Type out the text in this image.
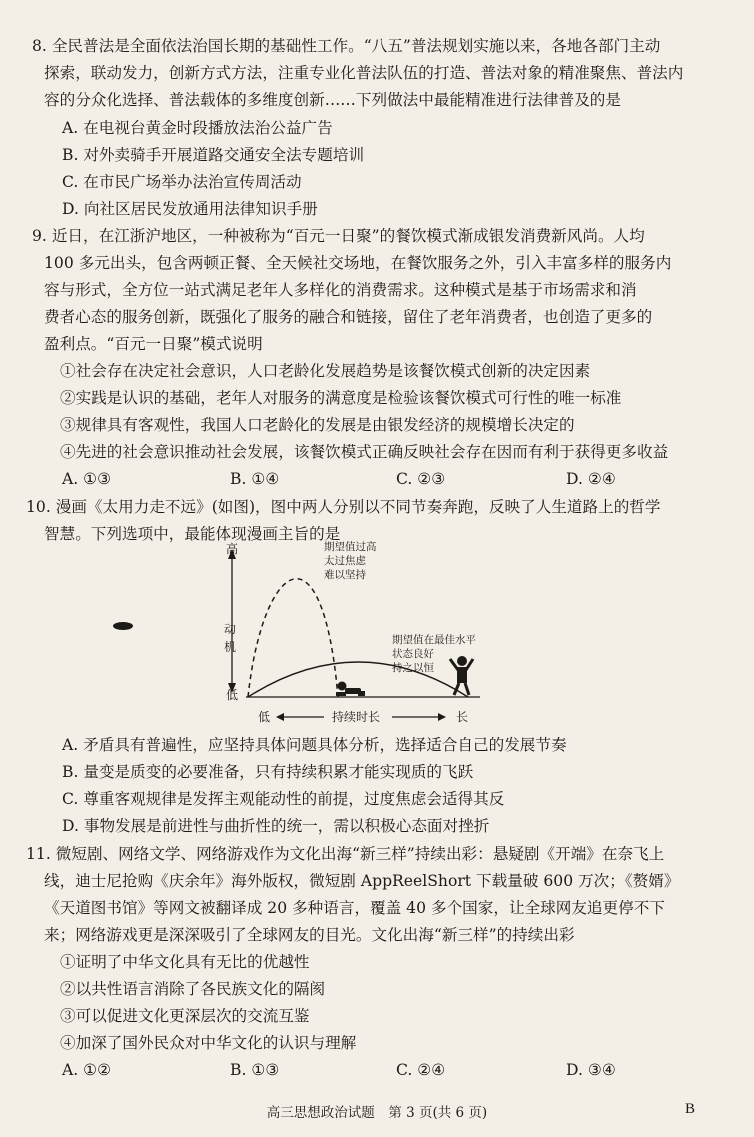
8. 全民普法是全面依法治国长期的基础性工作。“八五”普法规划实施以来，各地各部门主动
探索，联动发力，创新方式方法，注重专业化普法队伍的打造、普法对象的精准聚焦、普法内
容的分众化选择、普法载体的多维度创新……下列做法中最能精准进行法律普及的是
A. 在电视台黄金时段播放法治公益广告
B. 对外卖骑手开展道路交通安全法专题培训
C. 在市民广场举办法治宣传周活动
D. 向社区居民发放通用法律知识手册
9. 近日，在江浙沪地区，一种被称为“百元一日聚”的餐饮模式渐成银发消费新风尚。人均
100 多元出头，包含两顿正餐、全天候社交场地，在餐饮服务之外，引入丰富多样的服务内
容与形式，全方位一站式满足老年人多样化的消费需求。这种模式是基于市场需求和消
费者心态的服务创新，既强化了服务的融合和链接，留住了老年消费者，也创造了更多的
盈利点。“百元一日聚”模式说明
①社会存在决定社会意识，人口老龄化发展趋势是该餐饮模式创新的决定因素
②实践是认识的基础，老年人对服务的满意度是检验该餐饮模式可行性的唯一标准
③规律具有客观性，我国人口老龄化的发展是由银发经济的规模增长决定的
④先进的社会意识推动社会发展，该餐饮模式正确反映社会存在因而有利于获得更多收益
A. ①③	B. ①④	C. ②③	D. ②④
10. 漫画《太用力走不远》(如图)，图中两人分别以不同节奏奔跑，反映了人生道路上的哲学
智慧。下列选项中，最能体现漫画主旨的是
高
动
机
低
期望值过高
太过焦虑
难以坚持
期望值在最佳水平
状态良好
持之以恒
低	持续时长	长
A. 矛盾具有普遍性，应坚持具体问题具体分析，选择适合自己的发展节奏
B. 量变是质变的必要准备，只有持续积累才能实现质的飞跃
C. 尊重客观规律是发挥主观能动性的前提，过度焦虑会适得其反
D. 事物发展是前进性与曲折性的统一，需以积极心态面对挫折
11. 微短剧、网络文学、网络游戏作为文化出海“新三样”持续出彩：悬疑剧《开端》在奈飞上
线，迪士尼抢购《庆余年》海外版权，微短剧 AppReelShort 下载量破 600 万次；《赘婿》
《天道图书馆》等网文被翻译成 20 多种语言，覆盖 40 多个国家，让全球网友追更停不下
来；网络游戏更是深深吸引了全球网友的目光。文化出海“新三样”的持续出彩
①证明了中华文化具有无比的优越性
②以共性语言消除了各民族文化的隔阂
③可以促进文化更深层次的交流互鉴
④加深了国外民众对中华文化的认识与理解
A. ①②	B. ①③	C. ②④	D. ③④
高三思想政治试题　第 3 页(共 6 页)	B
